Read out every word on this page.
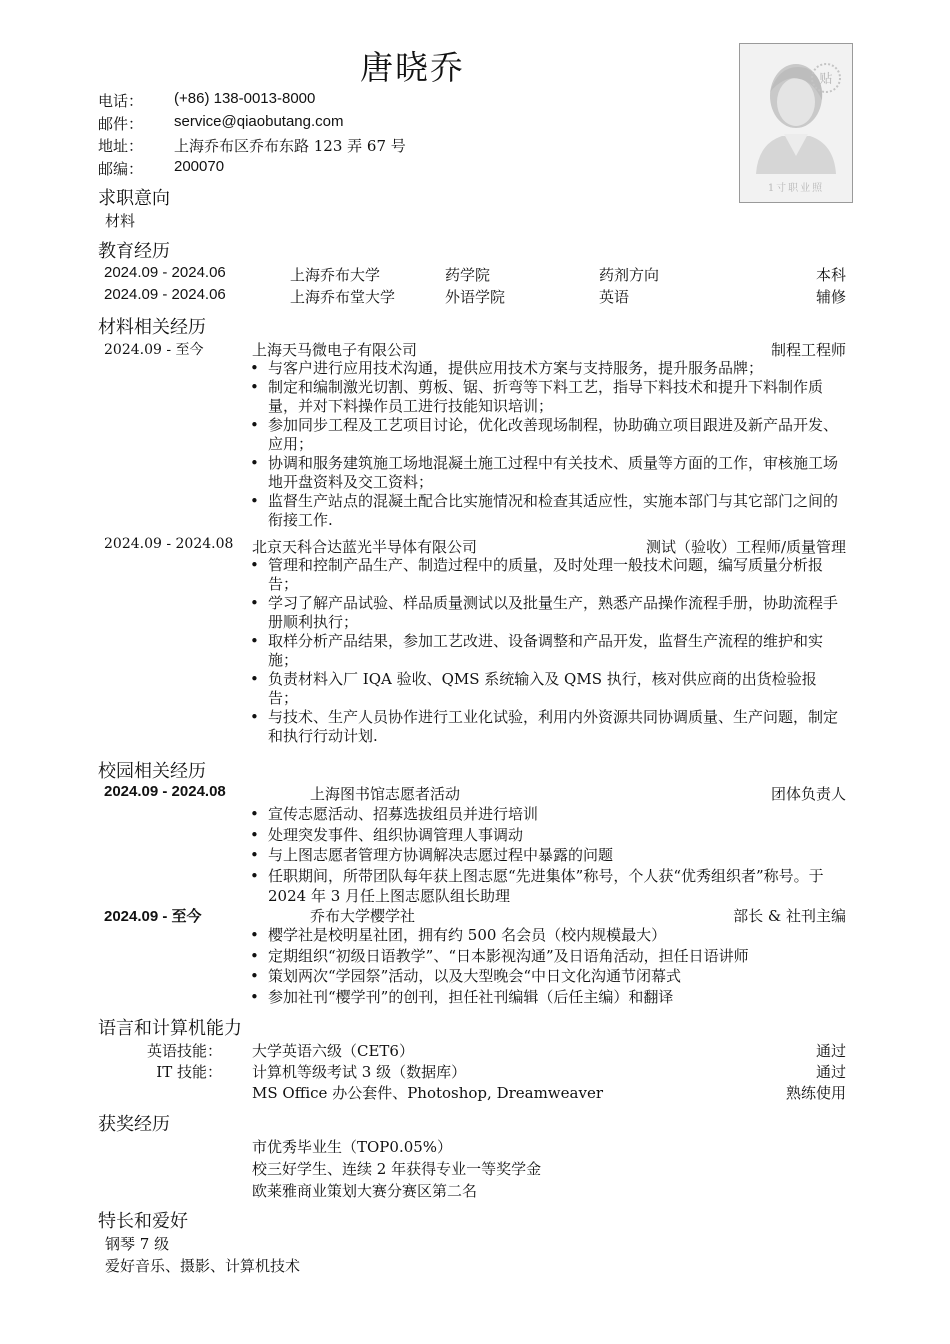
唐晓乔
电话：	(+86) 138-0013-8000
邮件：	service@qiaobutang.com
地址：	上海乔布区乔布东路 123 弄 67 号
邮编：	200070
贴
1寸职业照
求职意向
材料
教育经历
2024.09 - 2024.06	上海乔布大学	药学院	药剂方向	本科
2024.09 - 2024.06	上海乔布堂大学	外语学院	英语	辅修
材料相关经历
2024.09 - 至今	上海天马微电子有限公司	制程工程师
• 与客户进行应用技术沟通，提供应用技术方案与支持服务，提升服务品牌；
• 制定和编制激光切割、剪板、锯、折弯等下料工艺，指导下料技术和提升下料制作质量，并对下料操作员工进行技能知识培训；
• 参加同步工程及工艺项目讨论，优化改善现场制程，协助确立项目跟进及新产品开发、应用；
• 协调和服务建筑施工场地混凝土施工过程中有关技术、质量等方面的工作，审核施工场地开盘资料及交工资料；
• 监督生产站点的混凝土配合比实施情况和检查其适应性，实施本部门与其它部门之间的衔接工作.
2024.09 - 2024.08 北京天科合达蓝光半导体有限公司	测试（验收）工程师/质量管理
• 管理和控制产品生产、制造过程中的质量，及时处理一般技术问题，编写质量分析报告；
• 学习了解产品试验、样品质量测试以及批量生产，熟悉产品操作流程手册，协助流程手册顺利执行；
• 取样分析产品结果，参加工艺改进、设备调整和产品开发，监督生产流程的维护和实施；
• 负责材料入厂 IQA 验收、QMS 系统输入及 QMS 执行，核对供应商的出货检验报告；
• 与技术、生产人员协作进行工业化试验，利用内外资源共同协调质量、生产问题，制定和执行行动计划.
校园相关经历
2024.09 - 2024.08	上海图书馆志愿者活动	团体负责人
• 宣传志愿活动、招募选拔组员并进行培训
• 处理突发事件、组织协调管理人事调动
• 与上图志愿者管理方协调解决志愿过程中暴露的问题
• 任职期间，所带团队每年获上图志愿“先进集体”称号，个人获“优秀组织者”称号。于 2024 年 3 月任上图志愿队组长助理
2024.09 - 至今	乔布大学樱学社	部长 & 社刊主编
• 樱学社是校明星社团，拥有约 500 名会员（校内规模最大）
• 定期组织“初级日语教学”、“日本影视沟通”及日语角活动，担任日语讲师
• 策划两次“学园祭”活动，以及大型晚会“中日文化沟通节闭幕式
• 参加社刊“樱学刊”的创刊，担任社刊编辑（后任主编）和翻译
语言和计算机能力
英语技能： 大学英语六级（CET6）	通过
IT 技能： 计算机等级考试 3 级（数据库）	通过
MS Office 办公套件、Photoshop, Dreamweaver	熟练使用
获奖经历
市优秀毕业生（TOP0.05%）
校三好学生、连续 2 年获得专业一等奖学金
欧莱雅商业策划大赛分赛区第二名
特长和爱好
钢琴 7 级
爱好音乐、摄影、计算机技术
